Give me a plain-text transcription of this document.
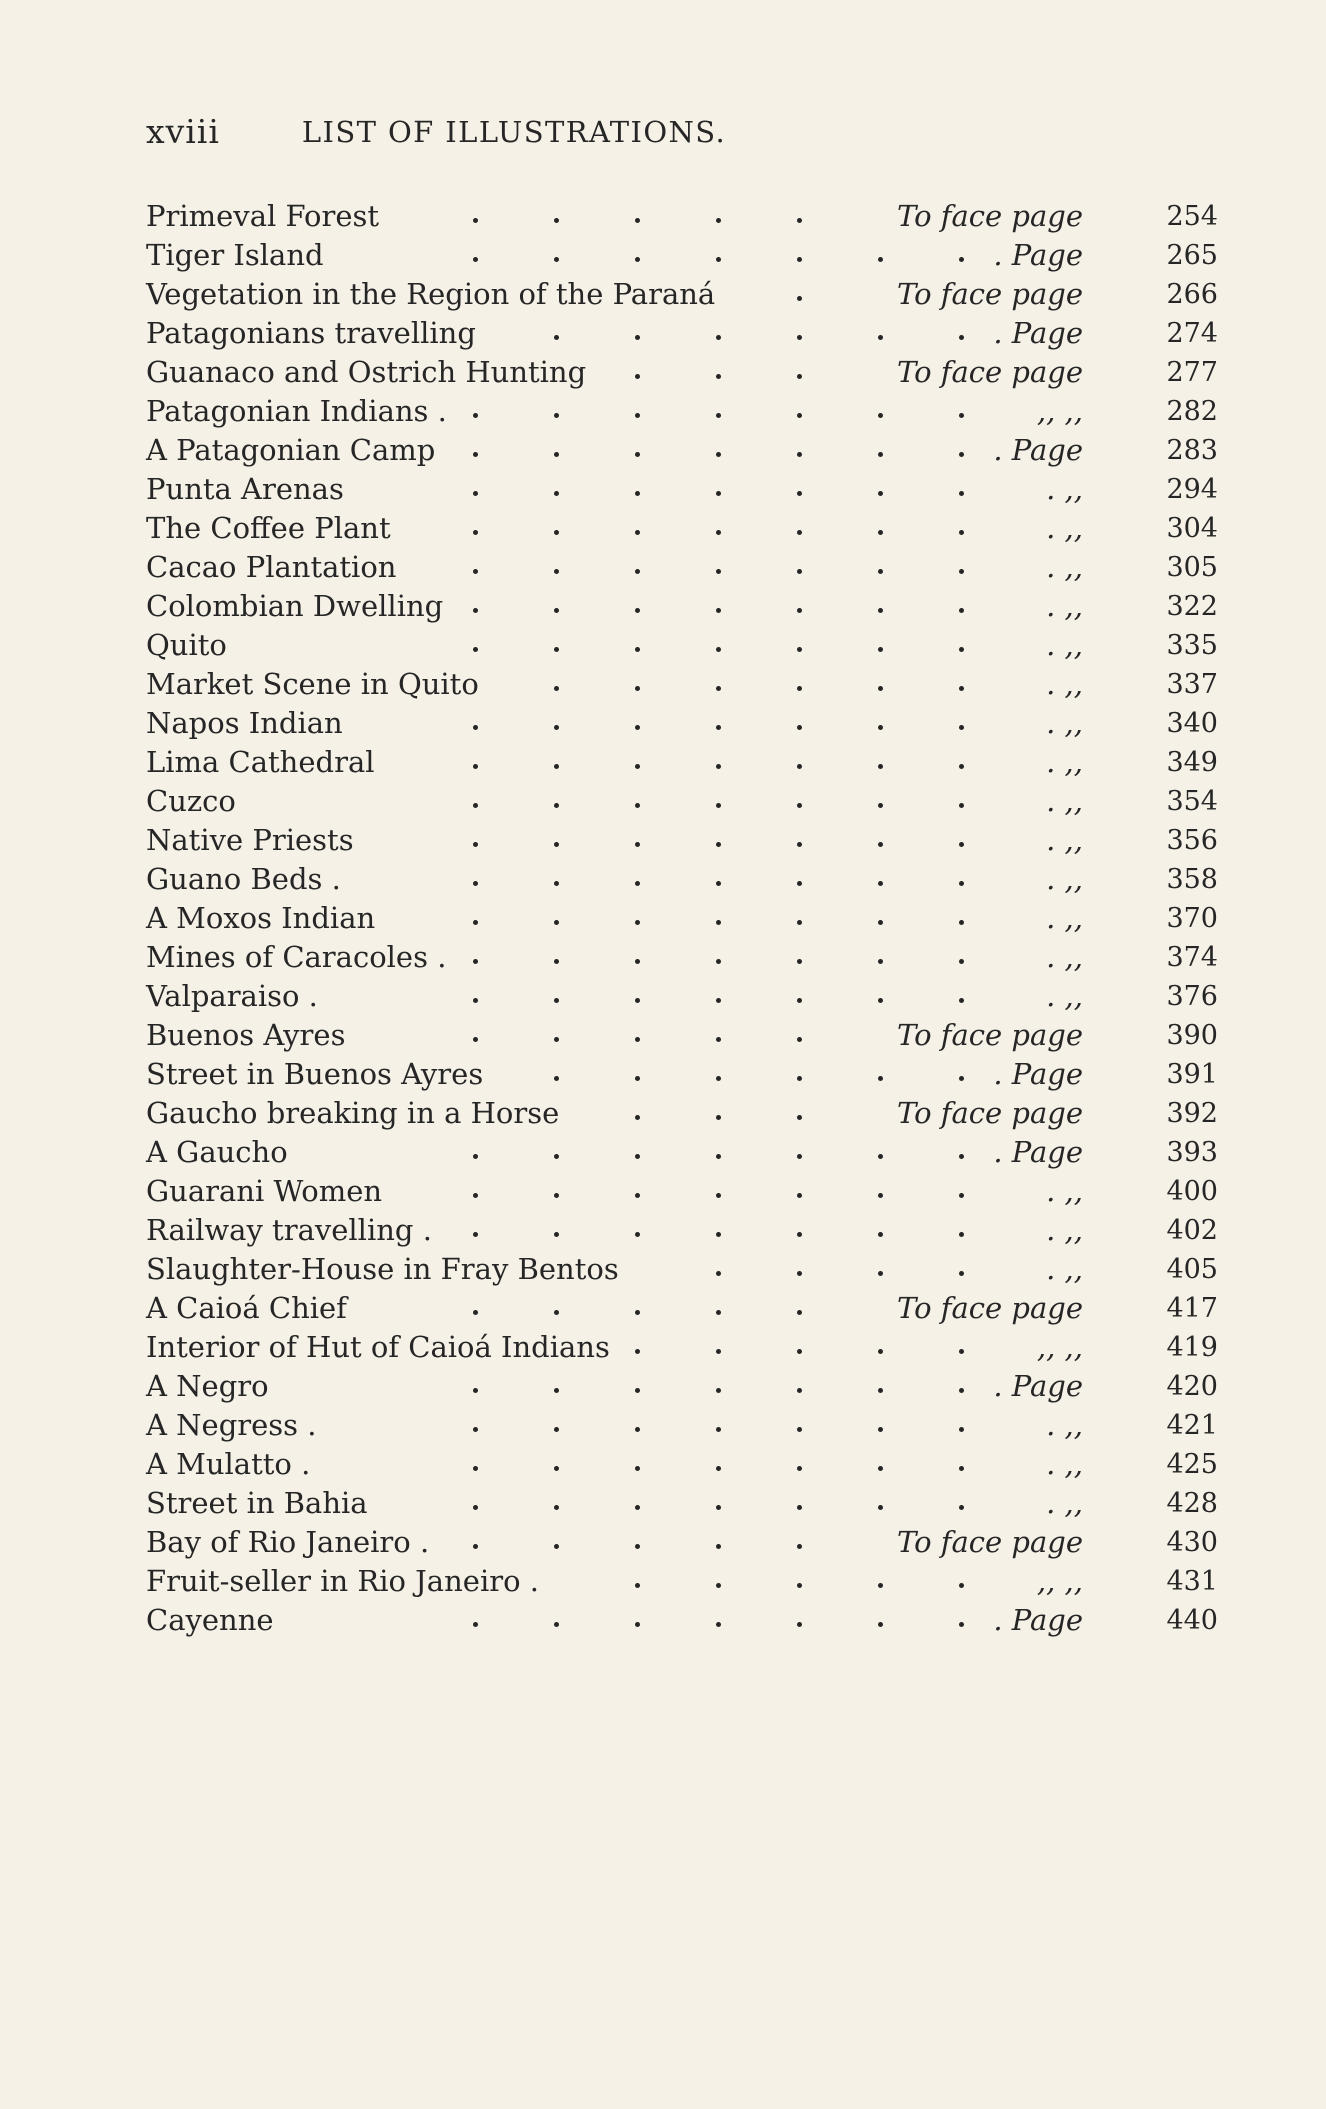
xviii	LIST OF ILLUSTRATIONS.
Primeval Forest	To face page	254
Tiger Island	. Page	265
Vegetation in the Region of the Paraná	To face page	266
Patagonians travelling	. Page	274
Guanaco and Ostrich Hunting	To face page	277
Patagonian Indians .	,, ,,	282
A Patagonian Camp	. Page	283
Punta Arenas	. ,,	294
The Coffee Plant	. ,,	304
Cacao Plantation	. ,,	305
Colombian Dwelling	. ,,	322
Quito	. ,,	335
Market Scene in Quito	. ,,	337
Napos Indian	. ,,	340
Lima Cathedral	. ,,	349
Cuzco	. ,,	354
Native Priests	. ,,	356
Guano Beds .	. ,,	358
A Moxos Indian	. ,,	370
Mines of Caracoles .	. ,,	374
Valparaiso .	. ,,	376
Buenos Ayres	To face page	390
Street in Buenos Ayres	. Page	391
Gaucho breaking in a Horse	To face page	392
A Gaucho	. Page	393
Guarani Women	. ,,	400
Railway travelling .	. ,,	402
Slaughter-House in Fray Bentos	. ,,	405
A Caioá Chief	To face page	417
Interior of Hut of Caioá Indians	,, ,,	419
A Negro	. Page	420
A Negress .	. ,,	421
A Mulatto .	. ,,	425
Street in Bahia	. ,,	428
Bay of Rio Janeiro .	To face page	430
Fruit-seller in Rio Janeiro .	,, ,,	431
Cayenne	. Page	440
